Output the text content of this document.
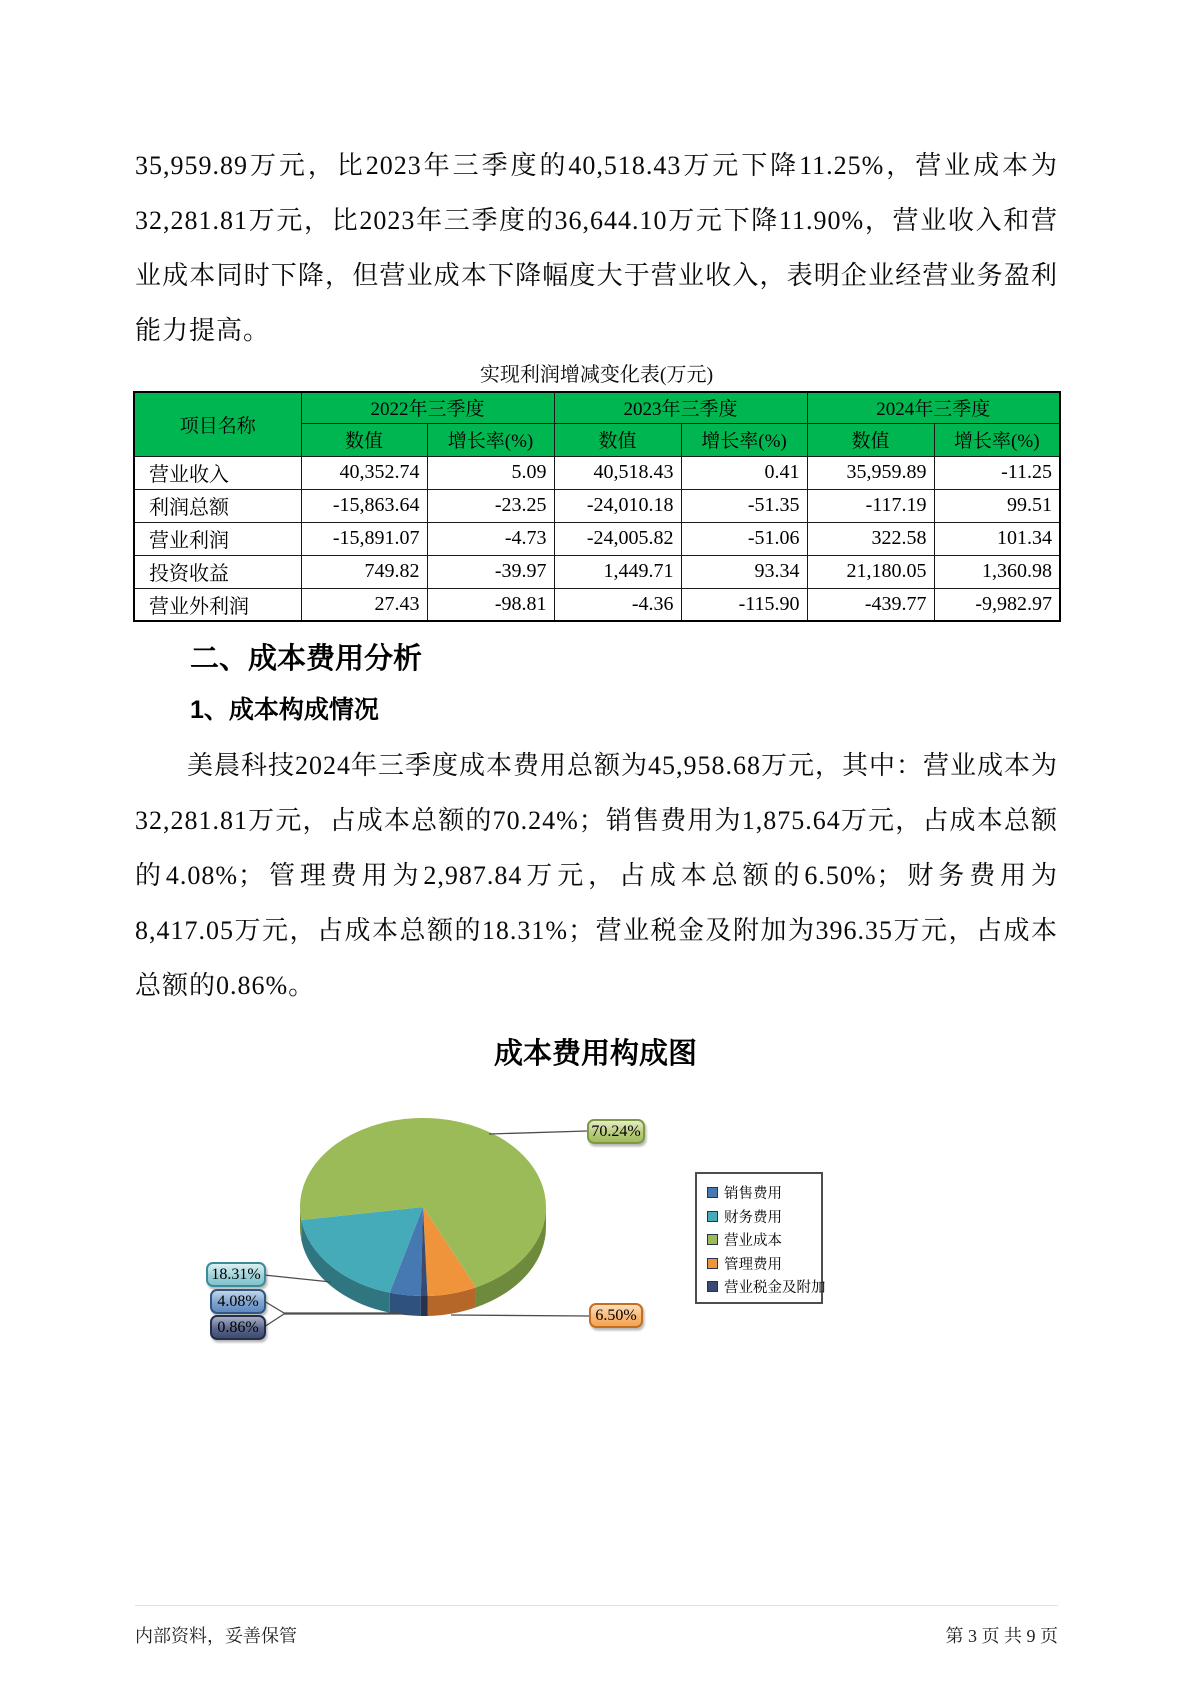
35,959.89万元，比2023年三季度的40,518.43万元下降11.25%，营业成本为32,281.81万元，比2023年三季度的36,644.10万元下降11.90%，营业收入和营业成本同时下降，但营业成本下降幅度大于营业收入，表明企业经营业务盈利能力提高。
实现利润增减变化表(万元)
项目名称	2022年三季度		2023年三季度		2024年三季度	
	数值	增长率(%)	数值	增长率(%)	数值	增长率(%)
营业收入	40,352.74	5.09	40,518.43	0.41	35,959.89	-11.25
利润总额	-15,863.64	-23.25	-24,010.18	-51.35	-117.19	99.51
营业利润	-15,891.07	-4.73	-24,005.82	-51.06	322.58	101.34
投资收益	749.82	-39.97	1,449.71	93.34	21,180.05	1,360.98
营业外利润	27.43	-98.81	-4.36	-115.90	-439.77	-9,982.97
二、成本费用分析
1、成本构成情况
美晨科技2024年三季度成本费用总额为45,958.68万元，其中：营业成本为32,281.81万元，占成本总额的70.24%；销售费用为1,875.64万元，占成本总额的4.08%；管理费用为2,987.84万元，占成本总额的6.50%；财务费用为8,417.05万元，占成本总额的18.31%；营业税金及附加为396.35万元，占成本总额的0.86%。
成本费用构成图
70.24%
18.31%
4.08%
0.86%
6.50%
销售费用
财务费用
营业成本
管理费用
营业税金及附加
内部资料，妥善保管	第 3 页 共 9 页
